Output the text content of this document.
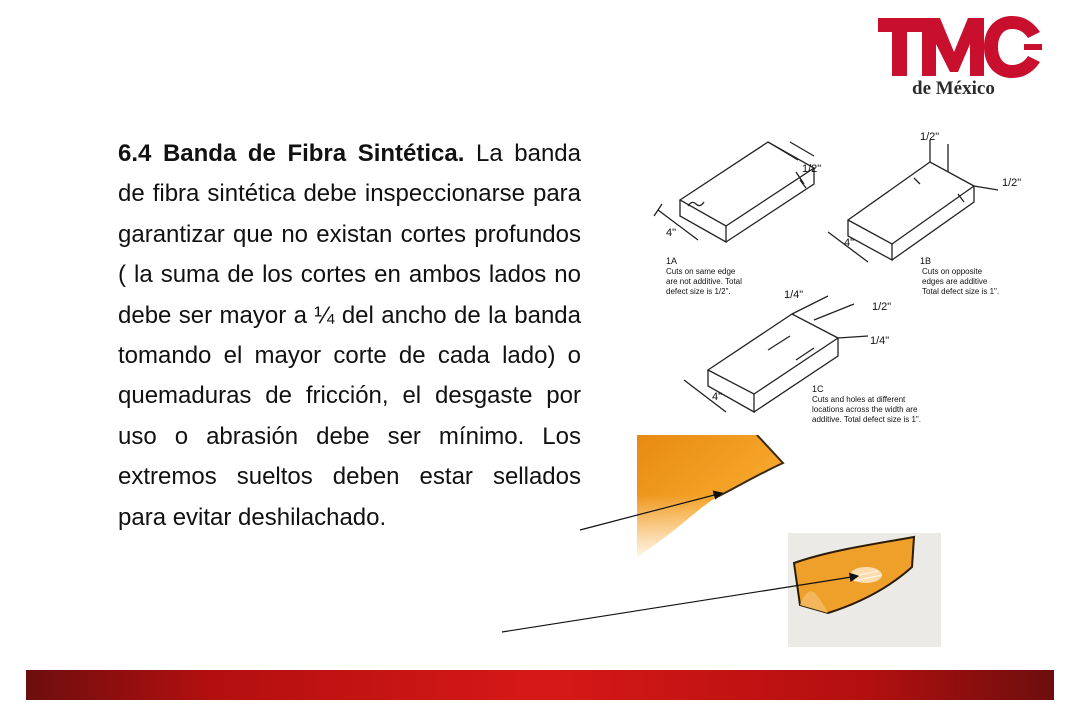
de México

6.4 Banda de Fibra Sintética. La banda de fibra sintética debe inspeccionarse para garantizar que no existan cortes profundos ( la suma de los cortes en ambos lados no debe ser mayor a ¼ del ancho de la banda tomando el mayor corte de cada lado) o quemaduras de fricción, el desgaste por uso o abrasión debe ser mínimo. Los extremos sueltos deben estar sellados para evitar deshilachado.

1/2"
4"
1A
Cuts on same edge
are not additive. Total
defect size is 1/2".
1/2"
1/2"
4"
1B
Cuts on opposite
edges are additive
Total defect size is 1".
1/4"
1/2"
1/4"
4"
1C
Cuts and holes at different
locations across the width are
additive. Total defect size is 1".
